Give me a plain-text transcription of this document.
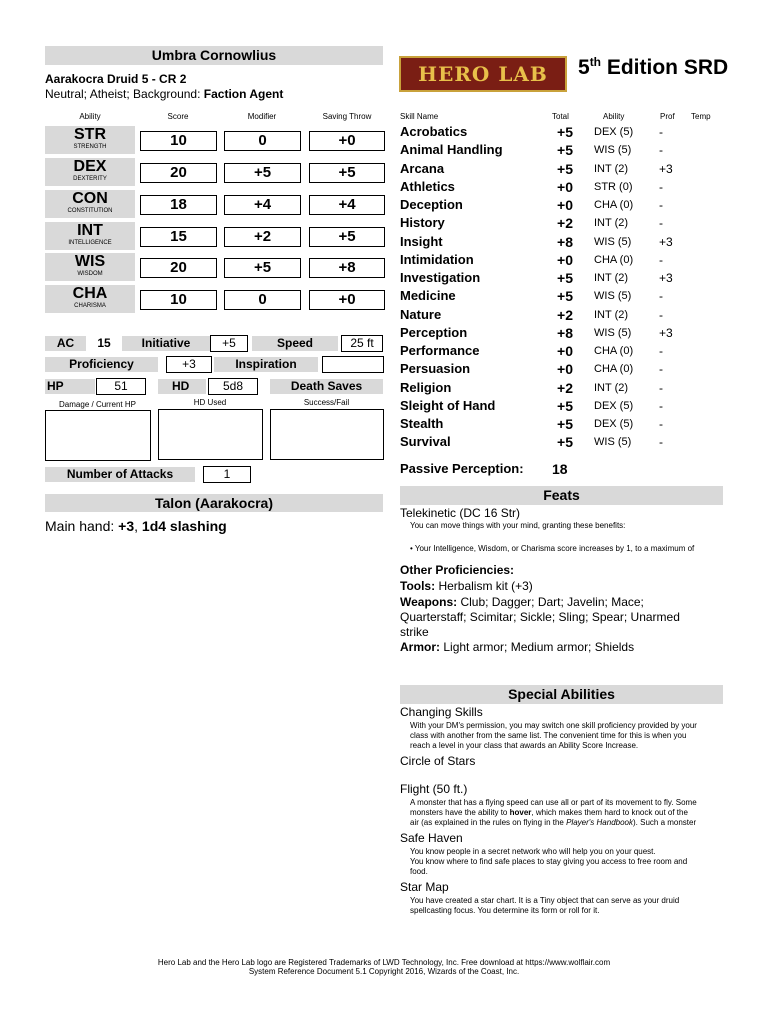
Umbra Cornowlius
Aarakocra Druid 5 - CR 2
Neutral; Atheist; Background: Faction Agent
Ability	Score	Modifier	Saving Throw
STR
STRENGTH	10	0	+0
DEX
DEXTERITY	20	+5	+5
CON
CONSTITUTION	18	+4	+4
INT
INTELLIGENCE	15	+2	+5
WIS
WISDOM	20	+5	+8
CHA
CHARISMA	10	0	+0
AC	15	Initiative	+5	Speed	25 ft
Proficiency	+3	Inspiration
HP	51	HD	5d8	Death Saves
Damage / Current HP	HD Used	Success/Fail
Number of Attacks	1
Talon (Aarakocra)
Main hand: +3, 1d4 slashing
HERO LAB 5th Edition SRD
Skill Name	Total	Ability	Prof Temp
Acrobatics	+5 DEX (5) -
Animal Handling	+5 WIS (5) -
Arcana	+5 INT (2)	+3
Athletics	+0 STR (0) -
Deception	+0 CHA (0) -
History	+2 INT (2)	-
Insight	+8 WIS (5) +3
Intimidation	+0 CHA (0) -
Investigation	+5 INT (2)	+3
Medicine	+5 WIS (5) -
Nature	+2 INT (2)	-
Perception	+8 WIS (5) +3
Performance	+0 CHA (0) -
Persuasion	+0 CHA (0) -
Religion	+2 INT (2)	-
Sleight of Hand	+5 DEX (5) -
Stealth	+5 DEX (5) -
Survival	+5 WIS (5) -
Passive Perception: 18
Feats
Telekinetic (DC 16 Str)
You can move things with your mind, granting these benefits:
• Your Intelligence, Wisdom, or Charisma score increases by 1, to a maximum of
Other Proficiencies:
Tools: Herbalism kit (+3)
Weapons: Club; Dagger; Dart; Javelin; Mace;
Quarterstaff; Scimitar; Sickle; Sling; Spear; Unarmed
strike
Armor: Light armor; Medium armor; Shields
Special Abilities
Changing Skills
With your DM's permission, you may switch one skill proficiency provided by your
class with another from the same list. The convenient time for this is when you
reach a level in your class that awards an Ability Score Increase.
Circle of Stars
Flight (50 ft.)
A monster that has a flying speed can use all or part of its movement to fly. Some
monsters have the ability to hover, which makes them hard to knock out of the
air (as explained in the rules on flying in the Player's Handbook). Such a monster
Safe Haven
You know people in a secret network who will help you on your quest.
You know where to find safe places to stay giving you access to free room and
food.
Star Map
You have created a star chart. It is a Tiny object that can serve as your druid
spellcasting focus. You determine its form or roll for it.
Hero Lab and the Hero Lab logo are Registered Trademarks of LWD Technology, Inc. Free download at https://www.wolflair.com
System Reference Document 5.1 Copyright 2016, Wizards of the Coast, Inc.
